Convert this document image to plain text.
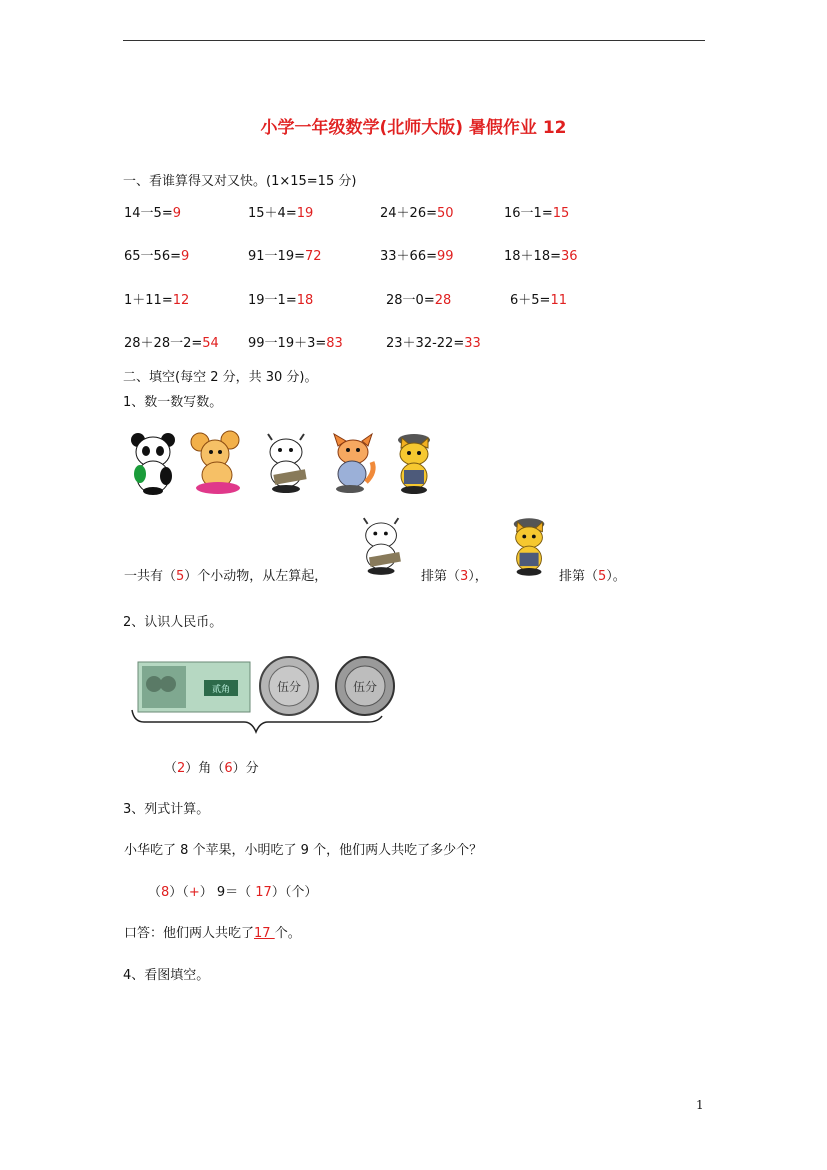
小学一年级数学(北师大版) 暑假作业 12
一、看谁算得又对又快。(1×15=15 分)
14一5=9	15＋4=19	24＋26=50	16一1=15
65一56=9	91一19=72	33＋66=99	18＋18=36
1＋11=12	19一1=18	28一0=28	6＋5=11
28＋28一2=54 99一19＋3=83	23＋32-22=33
二、填空(每空 2 分，共 30 分)。
1、数一数写数。
一共有（5）个小动物，从左算起，	排第（3），	排第（5）。
2、认识人民币。
贰角	伍分	伍分
（2）角（6）分
3、列式计算。
小华吃了 8 个苹果，小明吃了 9 个，他们两人共吃了多少个？
（8）（+） 9＝（ 17）（个）
口答：他们两人共吃了17 个。
4、看图填空。
1
